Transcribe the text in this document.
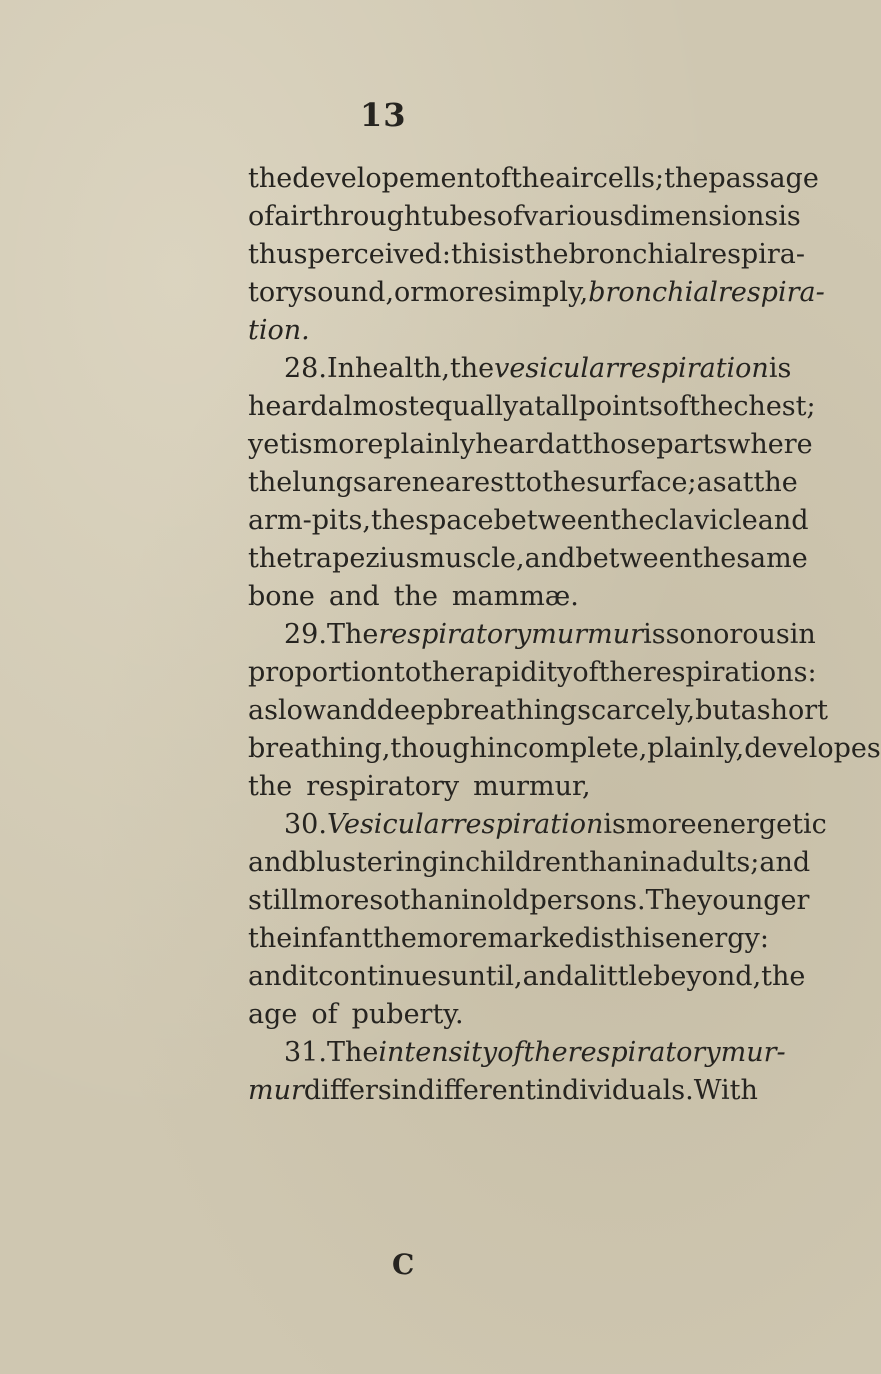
13
the developement of the air cells ; the passage
of air through tubes of various dimensions is
thus perceived : this is the bronchial respira-
tory sound, or more simply, bronchial respira-
tion.
28. In health, the vesicular respiration is
heard almost equally at all points of the chest ;
yet is more plainly heard at those parts where
the lungs are nearest to the surface ; as at the
arm-pits, the space between the clavicle and
the trapezius muscle, and between the same
bone and the mammæ.
29. The respiratory murmur is sonorous in
proportion to the rapidity of the respirations :
a slow and deep breathing scarcely, but a short
breathing, though incomplete, plainly, developes
the respiratory murmur,
30. Vesicular respiration is more energetic
and blustering in children than in adults ; and
still more so than in old persons. The younger
the infant the more marked is this energy :
and it continues until, and a little beyond, the
age of puberty.
31. The intensity of the respiratory mur-
mur differs in different individuals. With
C
